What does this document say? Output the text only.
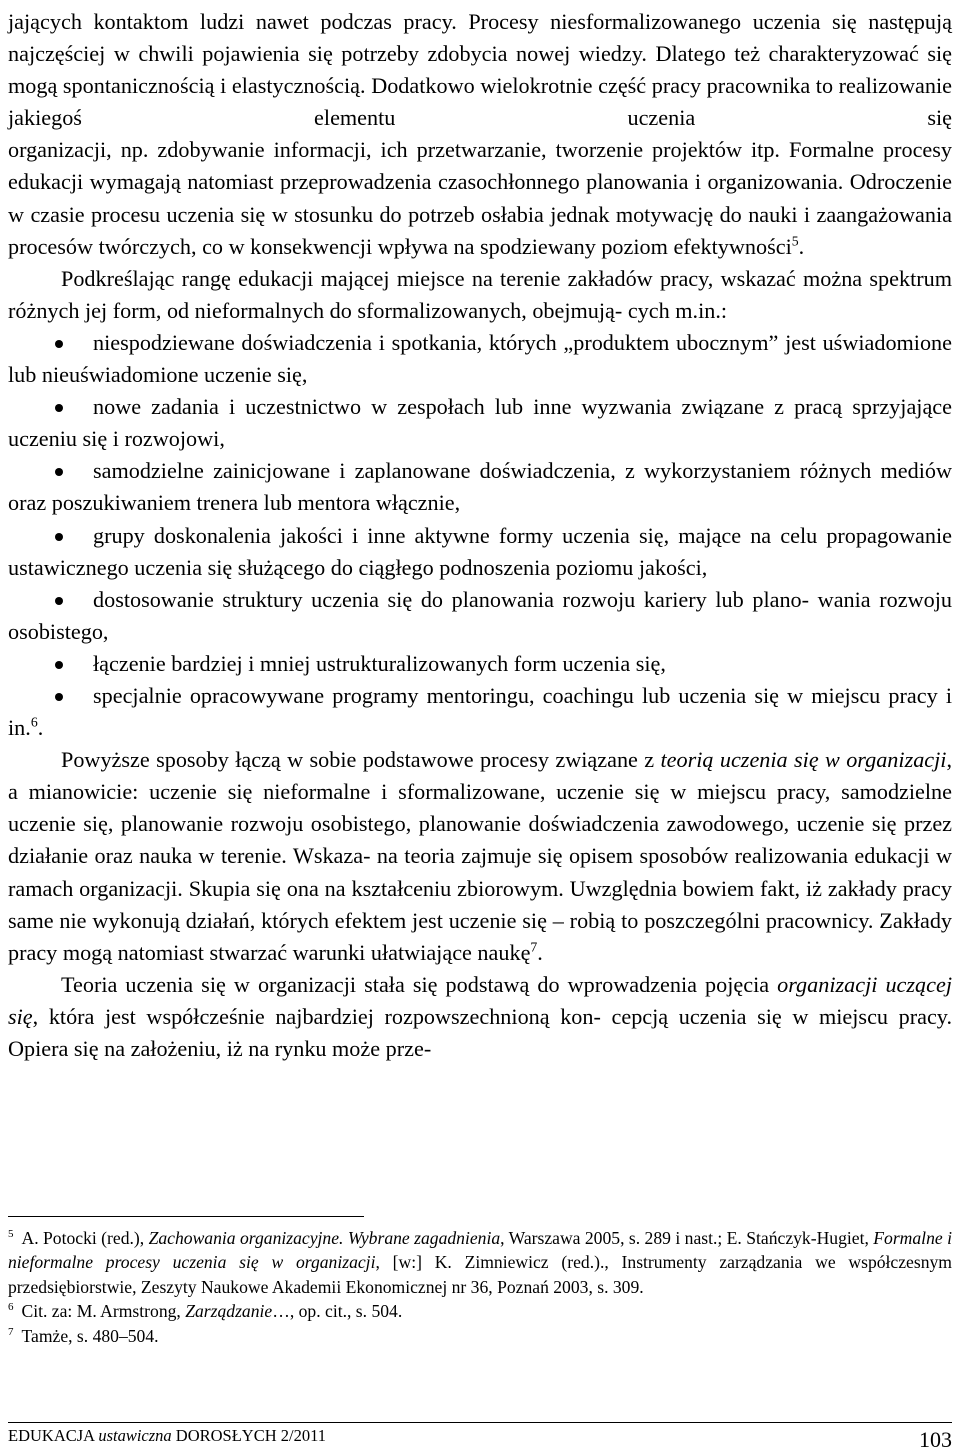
jających kontaktom ludzi nawet podczas pracy. Procesy niesformalizowanego uczenia się następują najczęściej w chwili pojawienia się potrzeby zdobycia nowej wiedzy. Dlatego też charakteryzować się mogą spontanicznością i elastycznością. Dodatkowo wielokrotnie część pracy pracownika to realizowanie jakiegoś elementu uczenia się organizacji, np. zdobywanie informacji, ich przetwarzanie, tworzenie projektów itp. Formalne procesy edukacji wymagają natomiast przeprowadzenia czasochłonnego planowania i organizowania. Odroczenie w czasie procesu uczenia się w stosunku do potrzeb osłabia jednak motywację do nauki i zaangażowania procesów twórczych, co w konsekwencji wpływa na spodziewany poziom efektywności$^5$.

Podkreślając rangę edukacji mającej miejsce na terenie zakładów pracy, wskazać można spektrum różnych jej form, od nieformalnych do sformalizowanych, obejmują- cych m.in.:

niespodziewane doświadczenia i spotkania, których „produktem ubocznym” jest uświadomione lub nieuświadomione uczenie się,

nowe zadania i uczestnictwo w zespołach lub inne wyzwania związane z pracą sprzyjające uczeniu się i rozwojowi,

samodzielne zainicjowane i zaplanowane doświadczenia, z wykorzystaniem różnych mediów oraz poszukiwaniem trenera lub mentora włącznie,

grupy doskonalenia jakości i inne aktywne formy uczenia się, mające na celu propagowanie ustawicznego uczenia się służącego do ciągłego podnoszenia poziomu jakości,

dostosowanie struktury uczenia się do planowania rozwoju kariery lub plano- wania rozwoju osobistego,

łączenie bardziej i mniej ustrukturalizowanych form uczenia się,

specjalnie opracowywane programy mentoringu, coachingu lub uczenia się w miejscu pracy i in.$^6$.

Powyższe sposoby łączą w sobie podstawowe procesy związane z teorią uczenia się w organizacji, a mianowicie: uczenie się nieformalne i sformalizowane, uczenie się w miejscu pracy, samodzielne uczenie się, planowanie rozwoju osobistego, planowanie doświadczenia zawodowego, uczenie się przez działanie oraz nauka w terenie. Wskaza- na teoria zajmuje się opisem sposobów realizowania edukacji w ramach organizacji. Skupia się ona na kształceniu zbiorowym. Uwzględnia bowiem fakt, iż zakłady pracy same nie wykonują działań, których efektem jest uczenie się – robią to poszczególni pracownicy. Zakłady pracy mogą natomiast stwarzać warunki ułatwiające naukę$^7$.

Teoria uczenia się w organizacji stała się podstawą do wprowadzenia pojęcia organizacji uczącej się, która jest współcześnie najbardziej rozpowszechnioną kon- cepcją uczenia się w miejscu pracy. Opiera się na założeniu, iż na rynku może prze-

$^5$ A. Potocki (red.), Zachowania organizacyjne. Wybrane zagadnienia, Warszawa 2005, s. 289 i nast.; E. Stańczyk-Hugiet, Formalne i nieformalne procesy uczenia się w organizacji, [w:] K. Zimniewicz (red.)., Instrumenty zarządzania we współczesnym przedsiębiorstwie, Zeszyty Naukowe Akademii Ekonomicznej nr 36, Poznań 2003, s. 309.

$^6$ Cit. za: M. Armstrong, Zarządzanie…, op. cit., s. 504.

$^7$ Tamże, s. 480–504.

EDUKACJA ustawiczna DOROSŁYCH 2/2011	103
